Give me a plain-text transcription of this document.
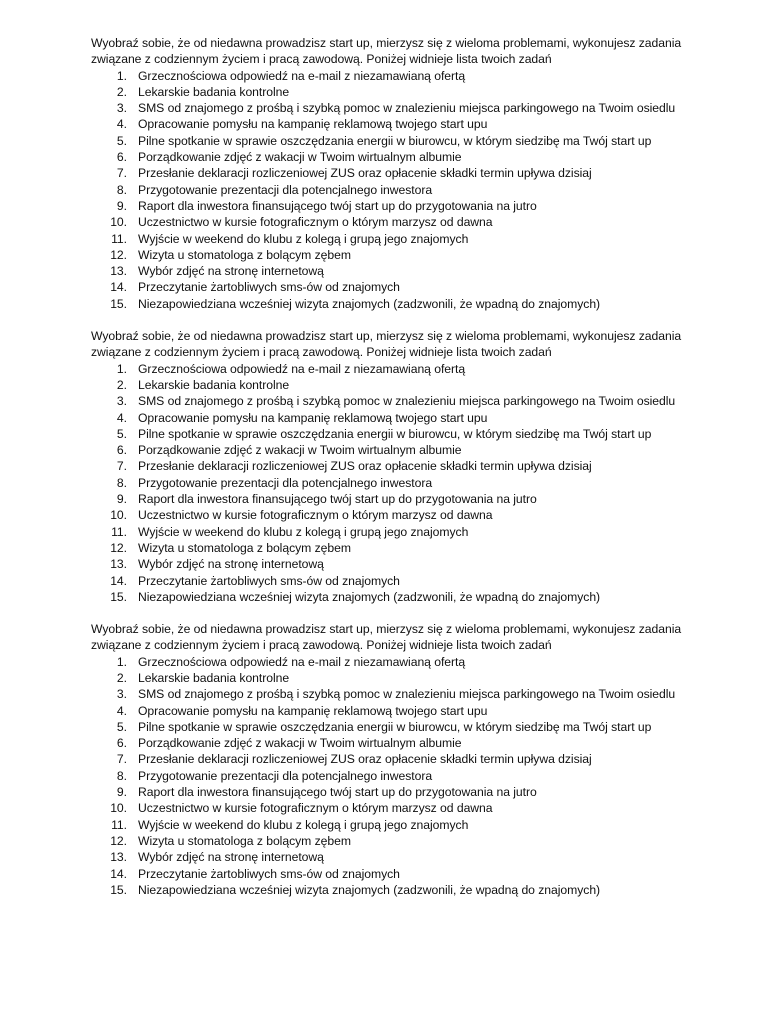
Wyobraź sobie, że od niedawna prowadzisz start up, mierzysz się z wieloma problemami, wykonujesz zadania związane z codziennym życiem i pracą zawodową. Poniżej widnieje lista twoich zadań

1. Grzecznościowa odpowiedź na e-mail z niezamawianą ofertą
2. Lekarskie badania kontrolne
3. SMS od znajomego z prośbą i szybką pomoc w znalezieniu miejsca parkingowego na Twoim osiedlu
4. Opracowanie pomysłu na kampanię reklamową twojego start upu
5. Pilne spotkanie w sprawie oszczędzania energii w biurowcu, w którym siedzibę ma Twój start up
6. Porządkowanie zdjęć z wakacji w Twoim wirtualnym albumie
7. Przesłanie deklaracji rozliczeniowej ZUS oraz opłacenie składki termin upływa dzisiaj
8. Przygotowanie prezentacji dla potencjalnego inwestora
9. Raport dla inwestora finansującego twój start up do przygotowania na jutro
10. Uczestnictwo w kursie fotograficznym o którym marzysz od dawna
11. Wyjście w weekend do klubu z kolegą i grupą jego znajomych
12. Wizyta u stomatologa z bolącym zębem
13. Wybór zdjęć na stronę internetową
14. Przeczytanie żartobliwych sms-ów od znajomych
15. Niezapowiedziana wcześniej wizyta znajomych (zadzwonili, że wpadną do znajomych)

Wyobraź sobie, że od niedawna prowadzisz start up, mierzysz się z wieloma problemami, wykonujesz zadania związane z codziennym życiem i pracą zawodową. Poniżej widnieje lista twoich zadań

1. Grzecznościowa odpowiedź na e-mail z niezamawianą ofertą
2. Lekarskie badania kontrolne
3. SMS od znajomego z prośbą i szybką pomoc w znalezieniu miejsca parkingowego na Twoim osiedlu
4. Opracowanie pomysłu na kampanię reklamową twojego start upu
5. Pilne spotkanie w sprawie oszczędzania energii w biurowcu, w którym siedzibę ma Twój start up
6. Porządkowanie zdjęć z wakacji w Twoim wirtualnym albumie
7. Przesłanie deklaracji rozliczeniowej ZUS oraz opłacenie składki termin upływa dzisiaj
8. Przygotowanie prezentacji dla potencjalnego inwestora
9. Raport dla inwestora finansującego twój start up do przygotowania na jutro
10. Uczestnictwo w kursie fotograficznym o którym marzysz od dawna
11. Wyjście w weekend do klubu z kolegą i grupą jego znajomych
12. Wizyta u stomatologa z bolącym zębem
13. Wybór zdjęć na stronę internetową
14. Przeczytanie żartobliwych sms-ów od znajomych
15. Niezapowiedziana wcześniej wizyta znajomych (zadzwonili, że wpadną do znajomych)

Wyobraź sobie, że od niedawna prowadzisz start up, mierzysz się z wieloma problemami, wykonujesz zadania związane z codziennym życiem i pracą zawodową. Poniżej widnieje lista twoich zadań

1. Grzecznościowa odpowiedź na e-mail z niezamawianą ofertą
2. Lekarskie badania kontrolne
3. SMS od znajomego z prośbą i szybką pomoc w znalezieniu miejsca parkingowego na Twoim osiedlu
4. Opracowanie pomysłu na kampanię reklamową twojego start upu
5. Pilne spotkanie w sprawie oszczędzania energii w biurowcu, w którym siedzibę ma Twój start up
6. Porządkowanie zdjęć z wakacji w Twoim wirtualnym albumie
7. Przesłanie deklaracji rozliczeniowej ZUS oraz opłacenie składki termin upływa dzisiaj
8. Przygotowanie prezentacji dla potencjalnego inwestora
9. Raport dla inwestora finansującego twój start up do przygotowania na jutro
10. Uczestnictwo w kursie fotograficznym o którym marzysz od dawna
11. Wyjście w weekend do klubu z kolegą i grupą jego znajomych
12. Wizyta u stomatologa z bolącym zębem
13. Wybór zdjęć na stronę internetową
14. Przeczytanie żartobliwych sms-ów od znajomych
15. Niezapowiedziana wcześniej wizyta znajomych (zadzwonili, że wpadną do znajomych)
